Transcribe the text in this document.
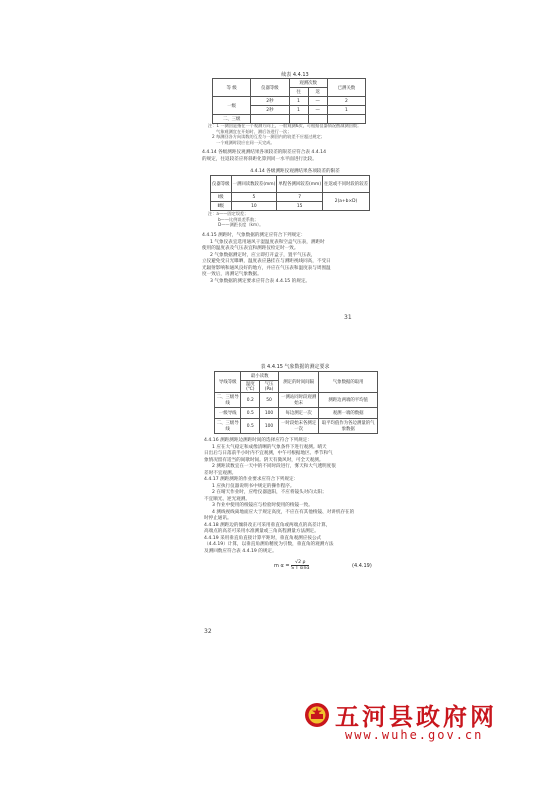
续表 4.4.13
等 级	仪器等级	观测次数		已测关数
		往	返	
一级	2秒	1	—	2
	2秒	1	—	1
二、三级				
注：1 一测回是指在一个观测方向上，一般观测6次，可根据仪器情况酌减测回数；
气象观测宜在开始时、测后各进行一次；
2 每测回各方向读数的互差与一测回内的较差不应超过规定；
一个观测时段应在同一天完成。
4.4.14 各级测距仪观测结果各项较差的限差应符合表 4.4.14
的规定，往返较差应将斜距化算到同一水平面进行比较。
4.4.14 各级测距仪观测结果各项较差的限差
仪器等级	一测回读数较差(mm)	单程各测回较差(mm)	往返或不同时段的较差
Ⅰ级	5	7	2(a+b×D)
Ⅱ级	10	15	
注：a——固定误差；
b——比例误差系数；
D——测距长度（km）。
4.4.15 测距时，气象数据的测定应符合下列规定：
1 气象仪表宜选用通风干湿温度表和空盒气压表，测距时
使用的温度表及气压表宜和测距仪检定时一致。
2 气象数据测定时，应立即打开盒子，置平气压表，
立仪避免受日光曝晒，温度表应悬挂在与测距视线同高，不受日
光辐射影响和通风良好的地方，并应在气压表和温度表与周围温
度一致后，再测记气象数据。
3 气象数据的测定要求应符合表 4.4.15 的规定。
31
表 4.4.15 气象数据的测定要求
导线等级	最小读数		测定的时间间隔	气象数据的取用
	温度(℃)	气压(Pa)		
二、三级导线	0.2	50	一测站同时段观测始末	测距边两端的平均值
一级导线	0.5	100	每边测定一次	观测一端的数据
二、三级导线	0.5	100	一时段始末各测定一次	取平均值作为各边测量的气象数据
4.4.16 测距测距边测距时间的选择应符合下列规定：
1 应在大气稳定和成像清晰的气象条件下进行观测。晴天
日出后与日落前半小时内不宜观测，中午可根据地区、季节和气
象情况留有适当的间歇时间。阴天有微风时，可全天观测。
2 测距读数宜在一天中的不同时段进行，雾天和大气透明度很
差时不宜观测。
4.4.17 测距测距的作业要求应符合下列规定：
1 应执行仪器说明书中规定的操作程序。
2 在晴天作业时，应给仪器遮阳，不应将镜头对向太阳；
不宜顺光、逆光观测。
3 作业中使用的棱镜应与检验时使用的棱镜一致。
4 测线视线离地面应大于规定高度，不应在有其他棱镜、对讲机存在的
时停止通讯。
4.4.18 测距边的倾斜改正可采用垂直角或两端点的高差计算，
高端点的高差可采用水准测量或三角高程测量方法测定。
4.4.19 采用垂直角直接计算平距时，垂直角观测应按公式
（4.4.19）计算，以垂直角测角精度为引数，垂直角的观测方法
及测回数应符合表 4.4.19 的规定。
m $\alpha = \frac{√2 \rho}{\text{S T sinα}}$	(4.4.19)
32
五河县政府网
www.wuhe.gov.cn
